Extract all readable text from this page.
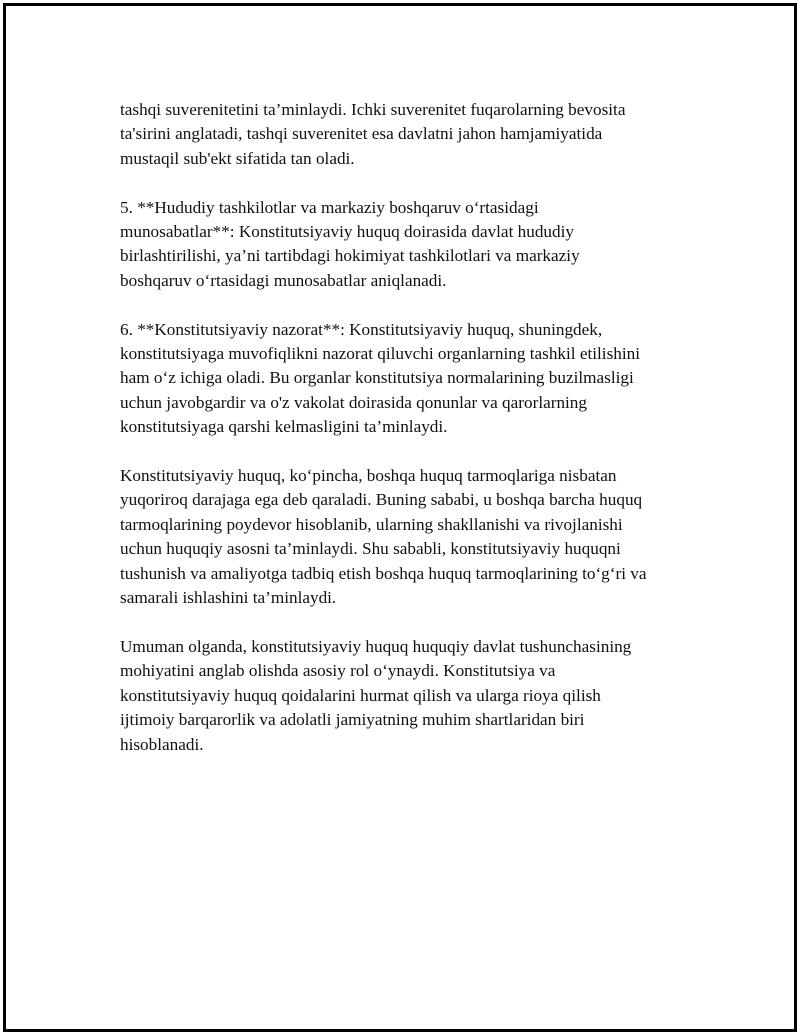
tashqi suverenitetini ta’minlaydi. Ichki suverenitet fuqarolarning bevosita
ta'sirini anglatadi, tashqi suverenitet esa davlatni jahon hamjamiyatida
mustaqil sub'ekt sifatida tan oladi.

5. **Hududiy tashkilotlar va markaziy boshqaruv o‘rtasidagi
munosabatlar**: Konstitutsiyaviy huquq doirasida davlat hududiy
birlashtirilishi, ya’ni tartibdagi hokimiyat tashkilotlari va markaziy
boshqaruv o‘rtasidagi munosabatlar aniqlanadi.

6. **Konstitutsiyaviy nazorat**: Konstitutsiyaviy huquq, shuningdek,
konstitutsiyaga muvofiqlikni nazorat qiluvchi organlarning tashkil etilishini
ham o‘z ichiga oladi. Bu organlar konstitutsiya normalarining buzilmasligi
uchun javobgardir va o'z vakolat doirasida qonunlar va qarorlarning
konstitutsiyaga qarshi kelmasligini ta’minlaydi.

Konstitutsiyaviy huquq, ko‘pincha, boshqa huquq tarmoqlariga nisbatan
yuqoriroq darajaga ega deb qaraladi. Buning sababi, u boshqa barcha huquq
tarmoqlarining poydevor hisoblanib, ularning shakllanishi va rivojlanishi
uchun huquqiy asosni ta’minlaydi. Shu sababli, konstitutsiyaviy huquqni
tushunish va amaliyotga tadbiq etish boshqa huquq tarmoqlarining to‘g‘ri va
samarali ishlashini ta’minlaydi.

Umuman olganda, konstitutsiyaviy huquq huquqiy davlat tushunchasining
mohiyatini anglab olishda asosiy rol o‘ynaydi. Konstitutsiya va
konstitutsiyaviy huquq qoidalarini hurmat qilish va ularga rioya qilish
ijtimoiy barqarorlik va adolatli jamiyatning muhim shartlaridan biri
hisoblanadi.
